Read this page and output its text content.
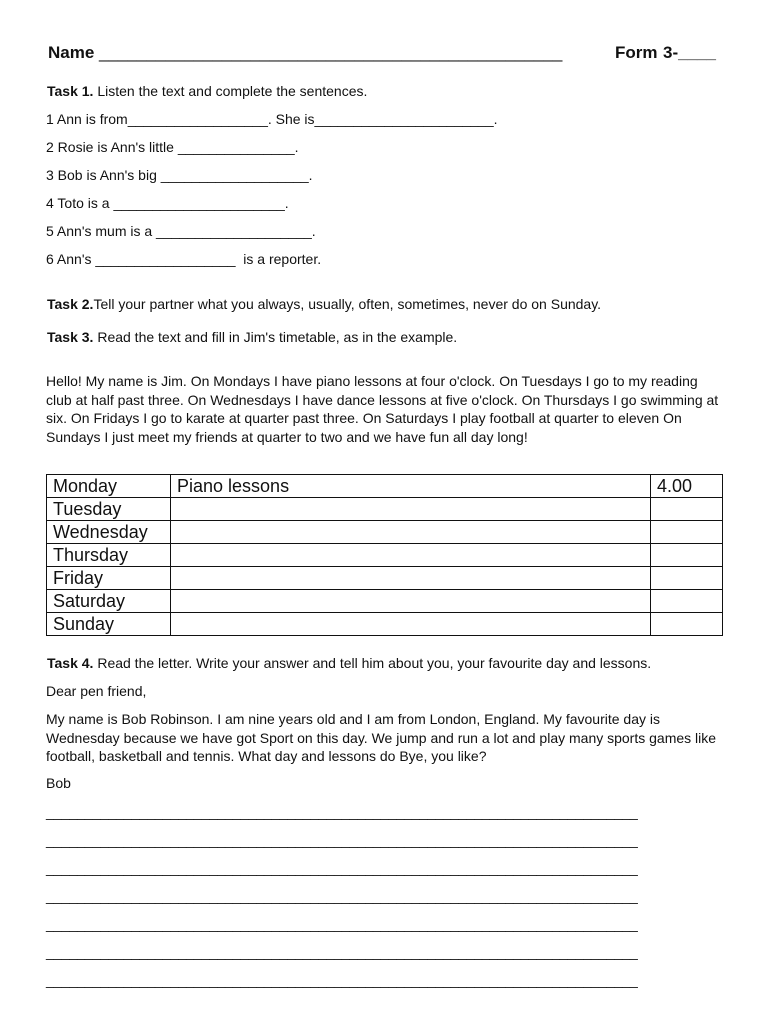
Name _________________________________________________	Form 3-____
Task 1. Listen the text and complete the sentences.
1 Ann is from__________________. She is_______________________.
2 Rosie is Ann's little _______________.
3 Bob is Ann's big ___________________.
4 Toto is a ______________________.
5 Ann's mum is a ____________________.
6 Ann's __________________  is a reporter.
Task 2.Tell your partner what you always, usually, often, sometimes, never do on Sunday.
Task 3. Read the text and fill in Jim's timetable, as in the example.
Hello! My name is Jim. On Mondays I have piano lessons at four o'clock. On Tuesdays I go to my reading club at half past three. On Wednesdays I have dance lessons at five o'clock. On Thursdays I go swimming at six. On Fridays I go to karate at quarter past three. On Saturdays I play football at quarter to eleven On Sundays I just meet my friends at quarter to two and we have fun all day long!
Monday	Piano lessons	4.00
Tuesday		
Wednesday		
Thursday		
Friday		
Saturday		
Sunday		
Task 4. Read the letter. Write your answer and tell him about you, your favourite day and lessons.
Dear pen friend,
My name is Bob Robinson. I am nine years old and I am from London, England. My favourite day is Wednesday because we have got Sport on this day. We jump and run a lot and play many sports games like football, basketball and tennis. What day and lessons do Bye, you like?
Bob
____________________________________________________________________________
____________________________________________________________________________
____________________________________________________________________________
____________________________________________________________________________
____________________________________________________________________________
____________________________________________________________________________
____________________________________________________________________________
